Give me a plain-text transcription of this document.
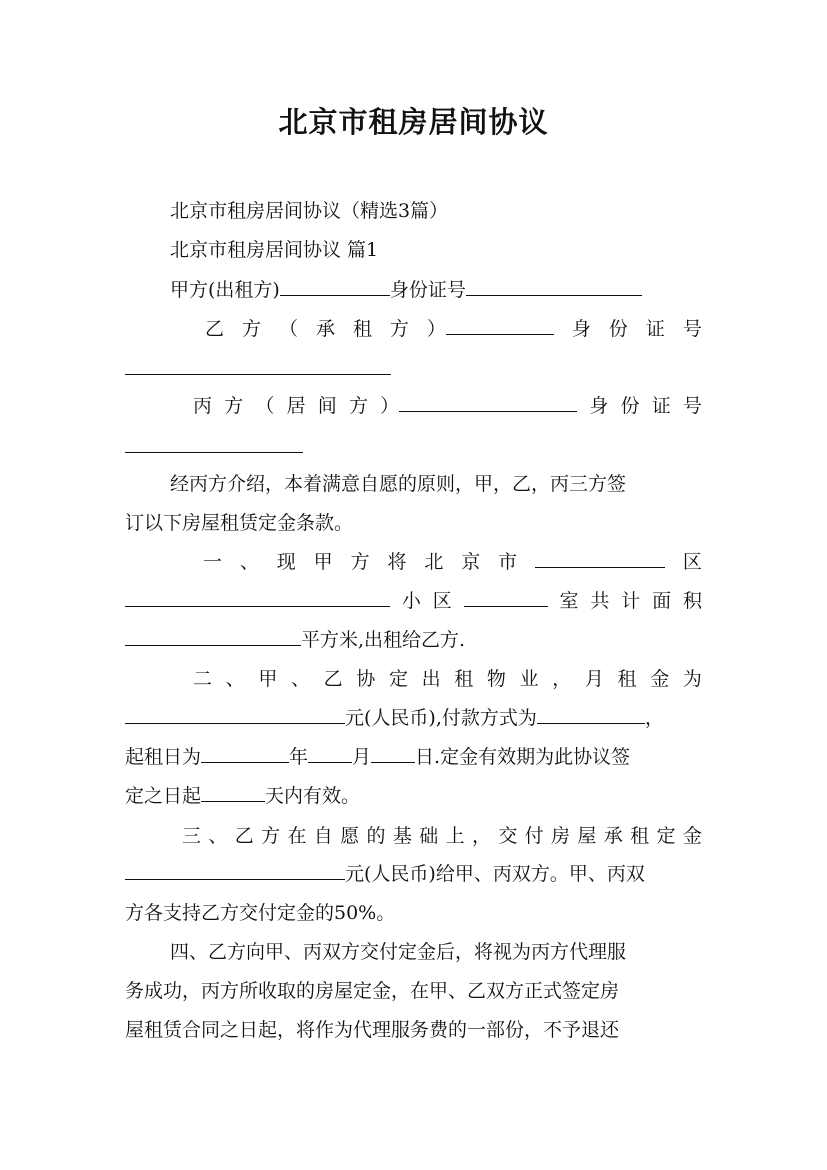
北京市租房居间协议
北京市租房居间协议（精选3篇）
北京市租房居间协议 篇1
甲方(出租方)	身份证号
乙 方 （ 承 租 方 ）	身 份 证 号
丙 方 （ 居 间 方 ）	身 份 证 号
经丙方介绍，本着满意自愿的原则，甲，乙，丙三方签
订以下房屋租赁定金条款。
一 、 现 甲 方 将 北 京 市	区
小 区	室 共 计 面 积
平方米,出租给乙方.
二 、 甲 、 乙 协 定 出 租 物 业 ， 月 租 金 为
元(人民币),付款方式为	，
起租日为	年 月 日.定金有效期为此协议签
定之日起	天内有效。
三 、 乙 方 在 自 愿 的 基 础 上 ， 交 付 房 屋 承 租 定 金
元(人民币)给甲、丙双方。甲、丙双
方各支持乙方交付定金的50%。
四、乙方向甲、丙双方交付定金后，将视为丙方代理服
务成功，丙方所收取的房屋定金，在甲、乙双方正式签定房
屋租赁合同之日起，将作为代理服务费的一部份，不予退还
